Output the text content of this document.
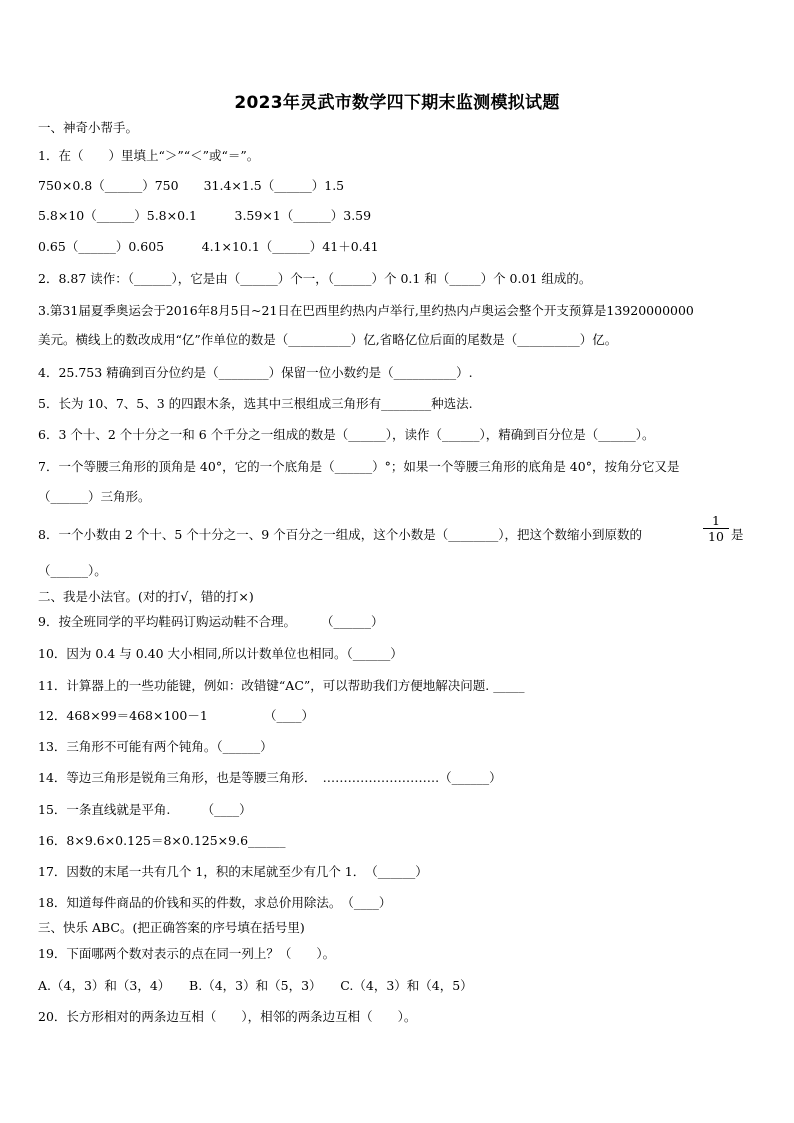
2023年灵武市数学四下期末监测模拟试题
一、神奇小帮手。
1．在（　　）里填上“＞”“＜”或“＝”。
750×0.8（______）750　　31.4×1.5（______）1.5
5.8×10（______）5.8×0.1　　　3.59×1（______）3.59
0.65（______）0.605　　　4.1×10.1（______）41＋0.41
2．8.87 读作：（______），它是由（______）个一，（______）个 0.1 和（_____）个 0.01 组成的。
3.第31届夏季奥运会于2016年8月5日~21日在巴西里约热内卢举行,里约热内卢奥运会整个开支预算是13920000000
美元。横线上的数改成用“亿”作单位的数是（__________）亿,省略亿位后面的尾数是（__________）亿。
4．25.753 精确到百分位约是（________）保留一位小数约是（__________）.
5．长为 10、7、5、3 的四跟木条，选其中三根组成三角形有________种选法.
6．3 个十、2 个十分之一和 6 个千分之一组成的数是（______），读作（______），精确到百分位是（______）。
7．一个等腰三角形的顶角是 40°，它的一个底角是（______）°；如果一个等腰三角形的底角是 40°，按角分它又是
（______）三角形。
8．一个小数由 2 个十、5 个十分之一、9 个百分之一组成，这个小数是（________），把这个数缩小到原数的	$\frac{1}{10}$ 是
（______）。
二、我是小法官。(对的打√，错的打×)
9．按全班同学的平均鞋码订购运动鞋不合理。　　　（______）
10．因为 0.4 与 0.40 大小相同,所以计数单位也相同。（______）
11．计算器上的一些功能键，例如：改错键“AC”，可以帮助我们方便地解决问题. _____
12．468×99＝468×100－1　　　　　（____）
13．三角形不可能有两个钝角。（______）
14．等边三角形是锐角三角形，也是等腰三角形．　……………………….（______）
15．一条直线就是平角.　　　（____）
16．8×9.6×0.125＝8×0.125×9.6______
17．因数的末尾一共有几个 1，积的末尾就至少有几个 1．　（______）
18．知道每件商品的价钱和买的件数，求总价用除法。　（____）
三、快乐 ABC。(把正确答案的序号填在括号里)
19．下面哪两个数对表示的点在同一列上？（　　）。
A.（4，3）和（3，4）　　B.（4，3）和（5，3）　　C.（4，3）和（4，5）
20．长方形相对的两条边互相（　　），相邻的两条边互相（　　）。
